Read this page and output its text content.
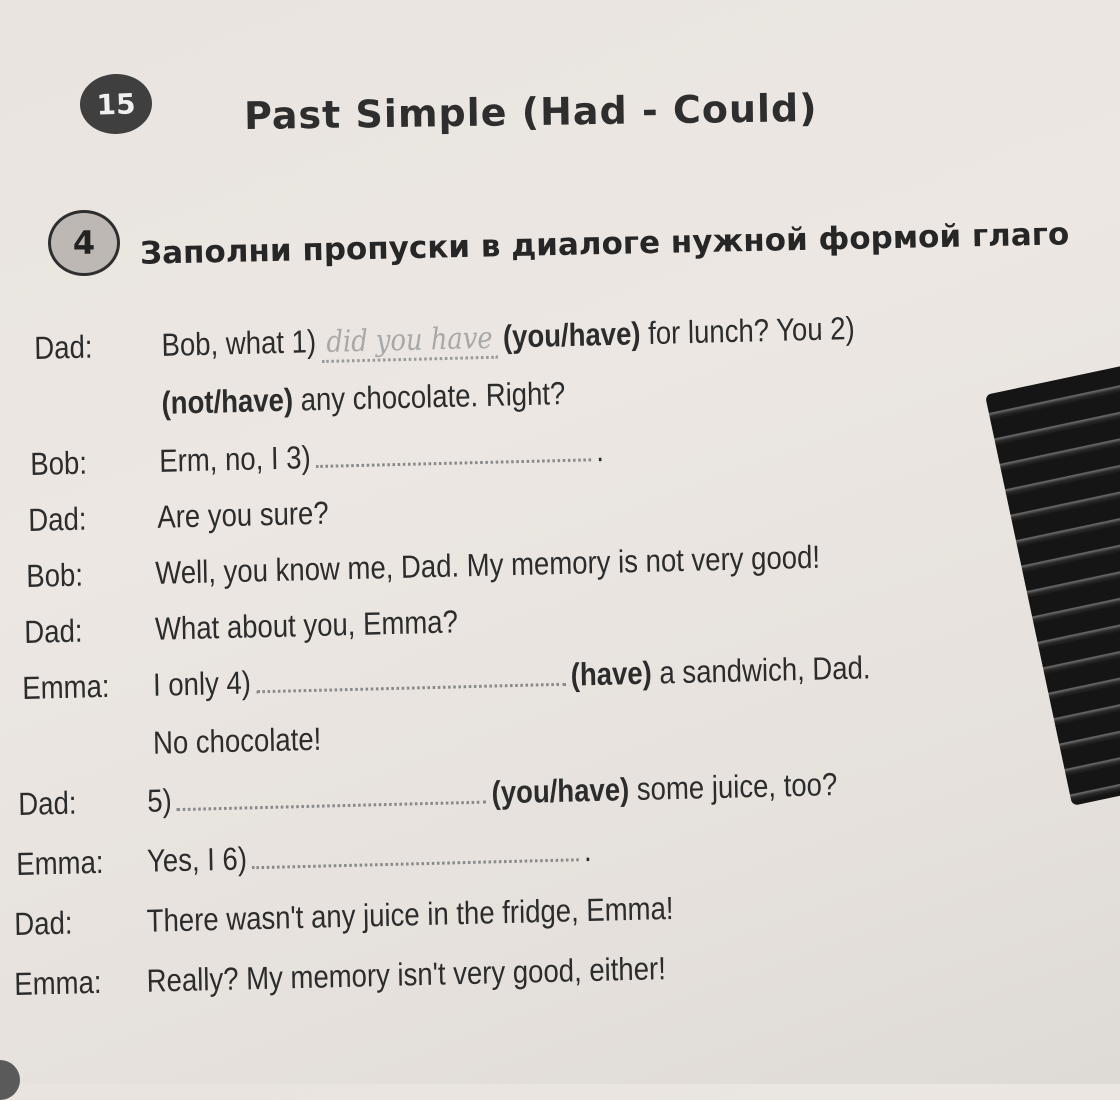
15	Past Simple (Had - Could)
4 Заполни пропуски в диалоге нужной формой глаго
Dad: Bob, what 1) did you have (you/have) for lunch? You 2)
(not/have) any chocolate. Right?
Bob: Erm, no, I 3)	.
Dad: Are you sure?
Bob: Well, you know me, Dad. My memory is not very good!
Dad: What about you, Emma?
Emma: I only 4)	(have) a sandwich, Dad.
No chocolate!
Dad: 5)	(you/have) some juice, too?
Emma: Yes, I 6)	.
Dad: There wasn't any juice in the fridge, Emma!
Emma: Really? My memory isn't very good, either!
